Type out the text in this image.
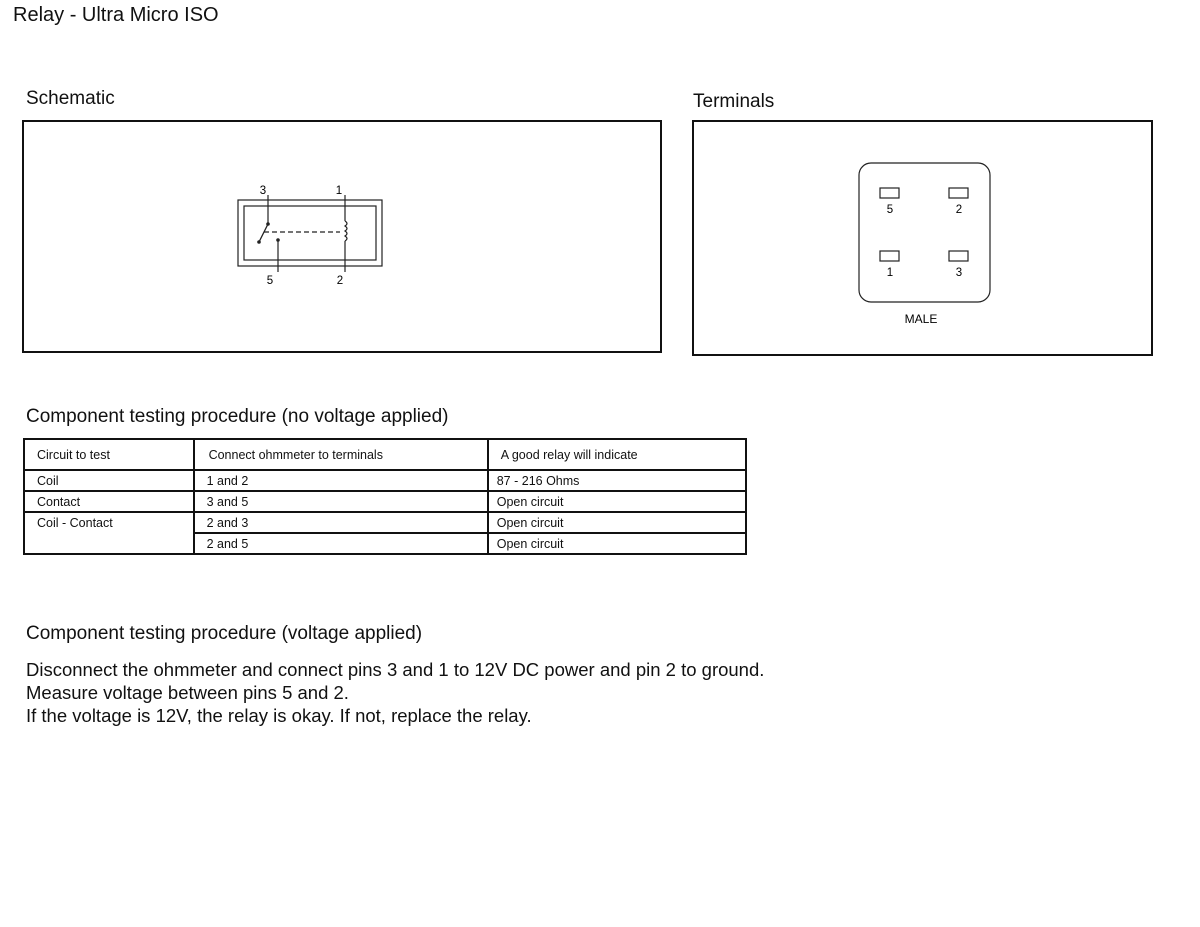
Relay - Ultra Micro ISO
Schematic
3	1
5	2
Terminals
5	2
1	3
MALE
Component testing procedure (no voltage applied)
Circuit to test	Connect ohmmeter to terminals	A good relay will indicate
Coil	1 and 2	87 - 216 Ohms
Contact	3 and 5	Open circuit
Coil - Contact	2 and 3	Open circuit
	2 and 5	Open circuit
Component testing procedure (voltage applied)
Disconnect the ohmmeter and connect pins 3 and 1 to 12V DC power and pin 2 to ground.
Measure voltage between pins 5 and 2.
If the voltage is 12V, the relay is okay. If not, replace the relay.
